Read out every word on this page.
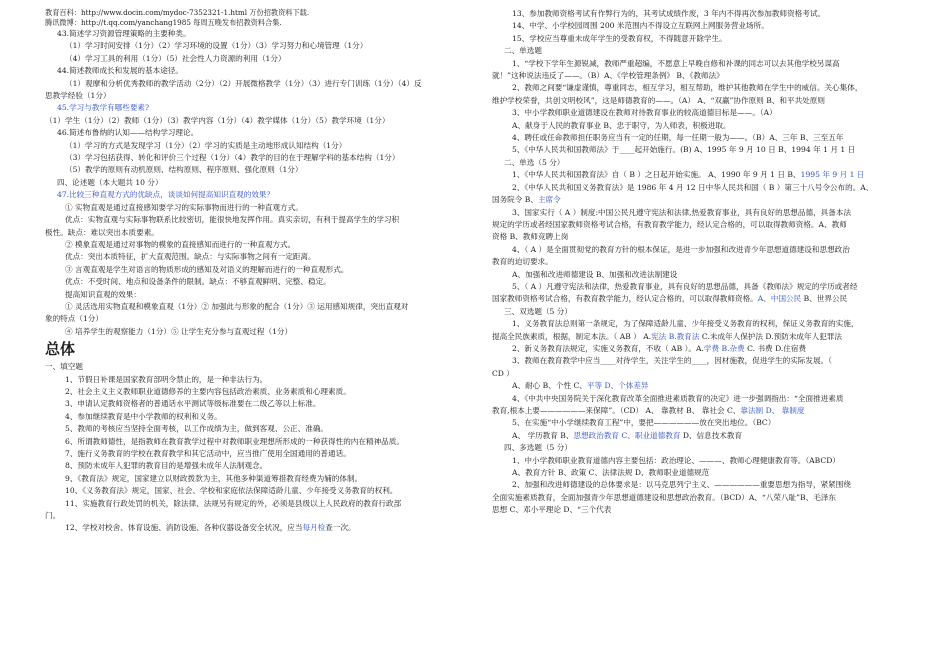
教育百科：http://www.docin.com/mydoc-7352321-1.html 万份招教资料下载.

腾讯微博：http://t.qq.com/yanchang1985 每周五晚发布招教资料合集.

43.简述学习资源管理策略的主要种类。

（1）学习时间安排（1分）（2）学习环境的设置（1分）（3）学习努力和心境管理（1分）

（4）学习工具的利用（1分）（5）社会性人力资源的利用（1分）

44.简述教师成长和发展的基本途径。

（1）观摩和分析优秀教师的教学活动（2分）（2）开展微格教学（1分）（3）进行专门训练（1分）（4）反

思教学经验（1分）

45.学习与教学有哪些要素?

（1）学生（1分）（2）教师（1分）（3）教学内容（1分）（4）教学媒体（1分）（5）教学环境（1分）

46.简述布鲁纳的认知——结构学习理论。

（1）学习的方式是发现学习（1分）（2）学习的实质是主动地形成认知结构（1分）

（3）学习包括获得、转化和评价三个过程（1分）（4）教学的目的在于理解学科的基本结构（1分）

（5）教学的原则有动机原则、结构原则、程序原则、强化原则（1分）

四、论述题（本大题共 10 分）

47.比较三种直观方式的优缺点，谈谈如何提高知识直观的效果？

① 实物直观是通过直接感知要学习的实际事物而进行的一种直观方式。

优点：实物直观与实际事物联系比较密切，能很快地发挥作用。真实亲切，有利于提高学生的学习积

极性。缺点：难以突出本质要素。

② 模象直观是通过对事物的模象的直接感知而进行的一种直观方式。

优点：突出本质特征，扩大直观范围。缺点：与实际事物之间有一定距离。

③ 言观直观是学生对语言的物质形成的感知及对语义的理解而进行的一种直观形式。

优点：不受时间、地点和设备条件的限制。缺点：不够直观鲜明、完整、稳定。

提高知识直观的效果：

① 灵活选用实物直观和模象直观（1分）② 加强此与形象的配合（1分）③ 运用感知规律，突出直观对

象的特点（1分）

④ 培养学生的观察能力（1分）⑤ 让学生充分参与直观过程（1分）

总体

一、填空题

1、节假日补课是国家教育部明令禁止的，是一种非法行为。

2、社会主义主义教师职业道德修养的主要内容包括政治素质、业务素质和心理素质。

3、申请认定教师资格者的普通话水平测试等级标准要在二级乙等以上标准。

4、参加继续教育是中小学教师的权利和义务。

5、教师的考核应当坚持全面考核，以工作成绩为主，做到客观、公正、准确。

6、所谓教师德性，是指教师在教育教学过程中对教师职业理想所形成的一种获得性的内在精神品质。

7、施行义务教育的学校在教育教学和其它活动中，应当推广使用全国通用的普通话。

8、预防未成年人犯罪的教育目的是增强未成年人法制观念。

9、《教育法》规定，国家建立以财政拨款为主，其他多种渠道筹措教育经费为辅的体制。

10、《义务教育法》规定，国家、社会、学校和家庭依法保障适龄儿童、少年接受义务教育的权利。

11、实施教育行政处罚的机关，除法律、法规另有规定的外，必须是县级以上人民政府的教育行政部

门。

12、学校对校舍、体育设施、消防设施、各种仪器设备安全状况，应当每月检查一次。

13、参加教师资格考试有作弊行为的，其考试成绩作废，3 年内不得再次参加教师资格考试。

14、中学、小学校园周围 200 米范围内不得设立互联网上网服务营业场所。

15、学校应当尊重未成年学生的受教育权，不得随意开除学生。

二、单选题

1、“学校下学年生源锐减，教师严重超编，不愿意上早晚自修和补课的同志可以去其他学校另谋高

就！”这种说法违反了——。（B）A、《学校管理条例》 B、《教师法》

2、教师之间要“谦虚谨慎，尊重同志，相互学习，相互帮助，维护其他教师在学生中的威信。关心集体，

维护学校荣誉，共创文明校风”，这是师德教育的——。（A） A、“双赢”协作原则 B、和平共处原则

3、中小学教师职业道德建设在教师对待教育事业的较高道德目标是——。（A）

A、献身于人民的教育事业 B、忠于职守，为人师表，积极进取。

4、聘任或任命教师担任职务应当有一定的任期，每一任期一般为——。（B）A、三年 B、三至五年

5、《中华人民共和国教师法》于____起开始施行。(B) A、1995 年 9 月 10 日 B、1994 年 1 月 1 日

二、单选（5 分）

1、《中华人民共和国教育法》自（ B ）之日起开始实施。 A、1990 年 9 月 1 日 B、1995 年 9 月 1 日

2、《中华人民共和国义务教育法》是 1986 年 4 月 12 日中华人民共和国（ B ）第三十八号令公布的。A、

国务院令 B、主席令

3、国家实行（ A ）制度:中国公民凡遵守宪法和法律,热爱教育事业，具有良好的思想品德，具备本法

规定的学历或者经国家教师资格考试合格，有教育教学能力，经认定合格的，可以取得教师资格。A、教师

资格 B、教师竞聘上岗

4、（ A ）是全面贯彻党的教育方针的根本保证，是进一步加强和改进青少年思想道德建设和思想政治

教育的迫切要求。

A、加强和改进师德建设 B、加强和改进法制建设

5、（ A ）凡遵守宪法和法律，热爱教育事业，具有良好的思想品德，具备《教师法》规定的学历或者经

国家教师资格考试合格，有教育教学能力，经认定合格的，可以取得教师资格。A、中国公民 B、世界公民

三、双选题（5 分）

1、义务教育法总则第一条规定，为了保障适龄儿童、少年接受义务教育的权利，保证义务教育的实施，

提高全民族素质，根据，制定本法。（ AB ） A.宪法 B.教育法 C.未成年人保护法 D.预防未成年人犯罪法

2、新义务教育法规定，实施义务教育，不收（ AB ）。A.学费 B.杂费 C. 书费 D.住宿费

3、教师在教育教学中应当____对待学生，关注学生的____，因材施教，促进学生的实际发展。（

CD ）

A、耐心 B、个性 C、平等 D、个体差异

4、《中共中央国务院关于深化教育改革全面推进素质教育的决定》进一步强调指出：“全面推进素质

教育,根本上要——————来保障”。（CD） A、 靠教材 B、 靠社会 C、靠法制 D、 靠制度

5、在实施“中小学继续教育工程”中，要把——————放在突出地位。（BC）

A、 学历教育 B、思想政治教育 C、职业道德教育 D、信息技术教育

四、多选题（5 分）

1、中小学教师职业教育道德内容主要包括：政治理论、———、教师心理健康教育等。（ABCD）

A、教育方针 B、政策 C、法律法规 D、教师职业道德规范

2、加强和改进师德建设的总体要求是：以马克思列宁主义、——————重要思想为指导，紧紧围绕

全面实施素质教育，全面加强青少年思想道德建设和思想政治教育。（BCD）A、“八荣八耻”B、毛泽东

思想 C、邓小平理论 D、“三个代表
